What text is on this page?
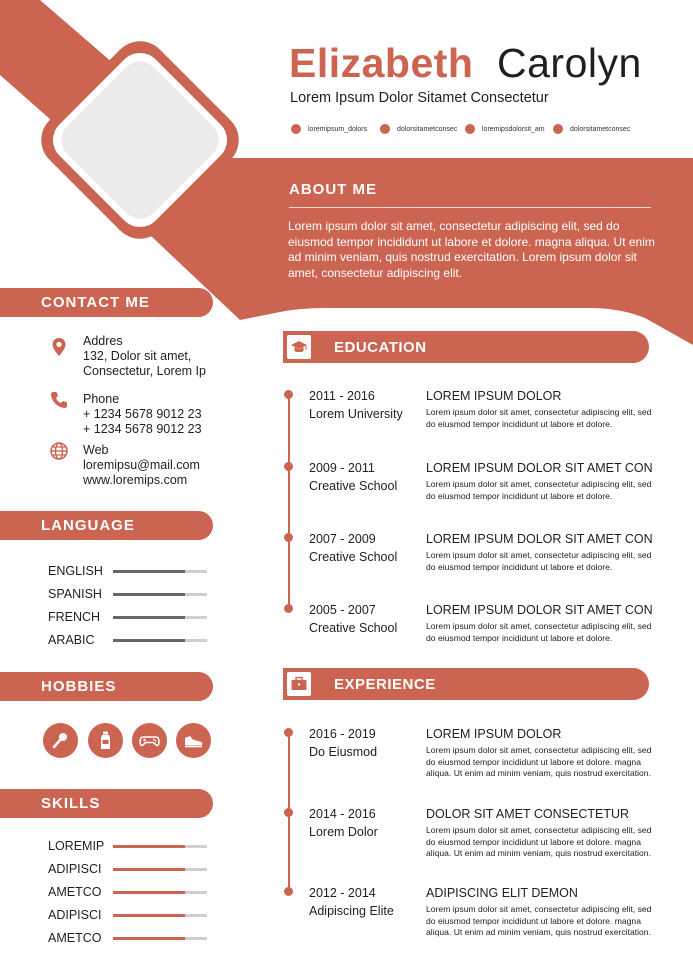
Elizabeth Carolyn
Lorem Ipsum Dolor Sitamet Consectetur
loremipsum_dolors	dolorsitametconsec	loremipsdolorsit_am	dolorsitametconsec
ABOUT ME
Lorem ipsum dolor sit amet, consectetur adipiscing elit, sed do eiusmod tempor incididunt ut labore et dolore. magna aliqua. Ut enim ad minim veniam, quis nostrud exercitation. Lorem ipsum dolor sit amet, consectetur adipiscing elit.
CONTACT ME
Addres
132, Dolor sit amet,
Consectetur, Lorem Ip
Phone
+ 1234 5678 9012 23
+ 1234 5678 9012 23
Web
loremipsu@mail.com
www.loremips.com
LANGUAGE
ENGLISH
SPANISH
FRENCH
ARABIC
HOBBIES
SKILLS
LOREMIP
ADIPISCI
AMETCO
ADIPISCI
AMETCO
EDUCATION
2011 - 2016
Lorem University
LOREM IPSUM DOLOR
Lorem ipsum dolor sit amet, consectetur adipiscing elit, sed do eiusmod tempor incididunt ut labore et dolore.
2009 - 2011
Creative School
LOREM IPSUM DOLOR SIT AMET CON
Lorem ipsum dolor sit amet, consectetur adipiscing elit, sed do eiusmod tempor incididunt ut labore et dolore.
2007 - 2009
Creative School
LOREM IPSUM DOLOR SIT AMET CON
Lorem ipsum dolor sit amet, consectetur adipiscing elit, sed do eiusmod tempor incididunt ut labore et dolore.
2005 - 2007
Creative School
LOREM IPSUM DOLOR SIT AMET CON
Lorem ipsum dolor sit amet, consectetur adipiscing elit, sed do eiusmod tempor incididunt ut labore et dolore.
EXPERIENCE
2016 - 2019
Do Eiusmod
LOREM IPSUM DOLOR
Lorem ipsum dolor sit amet, consectetur adipiscing elit, sed do eiusmod tempor incididunt ut labore et dolore. magna aliqua. Ut enim ad minim veniam, quis nostrud exercitation.
2014 - 2016
Lorem Dolor
DOLOR SIT AMET CONSECTETUR
Lorem ipsum dolor sit amet, consectetur adipiscing elit, sed do eiusmod tempor incididunt ut labore et dolore. magna aliqua. Ut enim ad minim veniam, quis nostrud exercitation.
2012 - 2014
Adipiscing Elite
ADIPISCING ELIT DEMON
Lorem ipsum dolor sit amet, consectetur adipiscing elit, sed do eiusmod tempor incididunt ut labore et dolore. magna aliqua. Ut enim ad minim veniam, quis nostrud exercitation.
